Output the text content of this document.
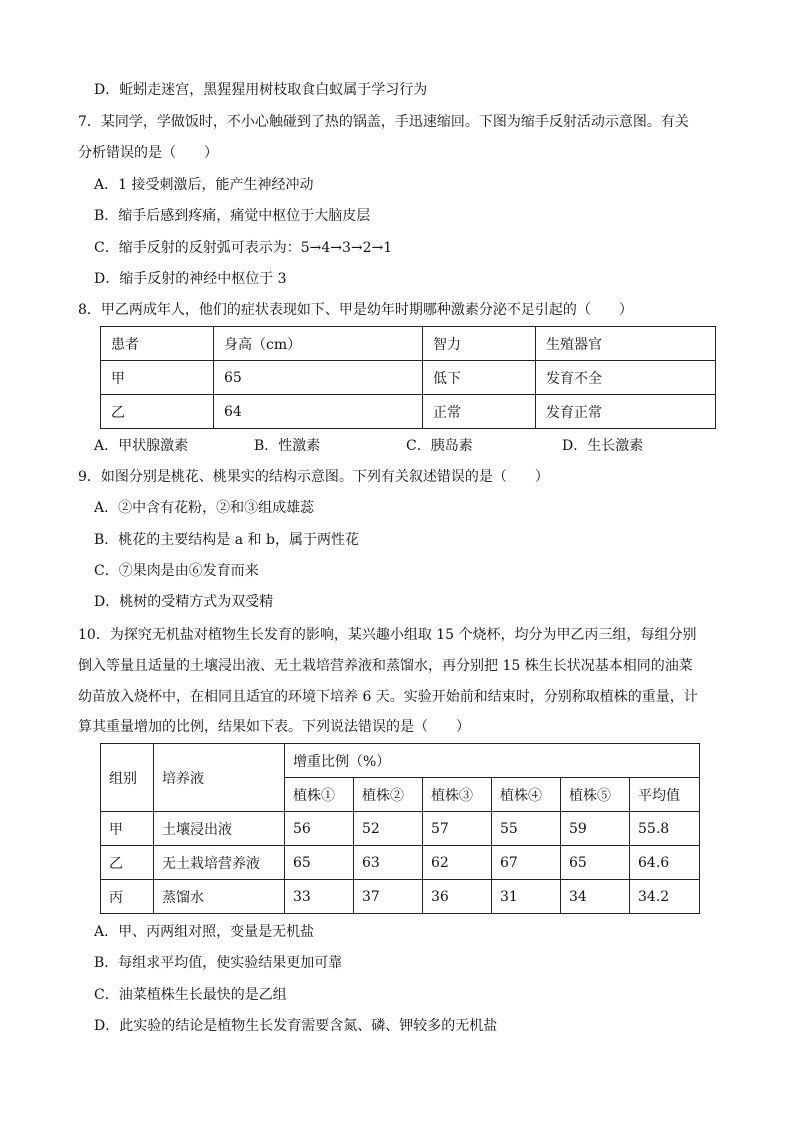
D．蚯蚓走迷宫，黑猩猩用树枝取食白蚁属于学习行为
7．某同学，学做饭时，不小心触碰到了热的锅盖，手迅速缩回。下图为缩手反射活动示意图。有关
分析错误的是（　　）
A．1 接受刺激后，能产生神经冲动
B．缩手后感到疼痛，痛觉中枢位于大脑皮层
C．缩手反射的反射弧可表示为：5→4→3→2→1
D．缩手反射的神经中枢位于 3
8．甲乙两成年人，他们的症状表现如下、甲是幼年时期哪种激素分泌不足引起的（　　）
患者	身高（cm）	智力	生殖器官
甲	65	低下	发育不全
乙	64	正常	发育正常
A．甲状腺激素	B．性激素	C．胰岛素	D．生长激素
9．如图分别是桃花、桃果实的结构示意图。下列有关叙述错误的是（　　）
A．②中含有花粉，②和③组成雄蕊
B．桃花的主要结构是 a 和 b，属于两性花
C．⑦果肉是由⑥发育而来
D．桃树的受精方式为双受精
10．为探究无机盐对植物生长发育的影响，某兴趣小组取 15 个烧杯，均分为甲乙丙三组，每组分别
倒入等量且适量的土壤浸出液、无土栽培营养液和蒸馏水，再分别把 15 株生长状况基本相同的油菜
幼苗放入烧杯中，在相同且适宜的环境下培养 6 天。实验开始前和结束时，分别称取植株的重量，计
算其重量增加的比例，结果如下表。下列说法错误的是（　　）
组别	培养液	增重比例（%）					
		植株①	植株②	植株③	植株④	植株⑤	平均值
甲	土壤浸出液	56	52	57	55	59	55.8
乙	无土栽培营养液	65	63	62	67	65	64.6
丙	蒸馏水	33	37	36	31	34	34.2
A．甲、丙两组对照，变量是无机盐
B．每组求平均值，使实验结果更加可靠
C．油菜植株生长最快的是乙组
D．此实验的结论是植物生长发育需要含氮、磷、钾较多的无机盐
